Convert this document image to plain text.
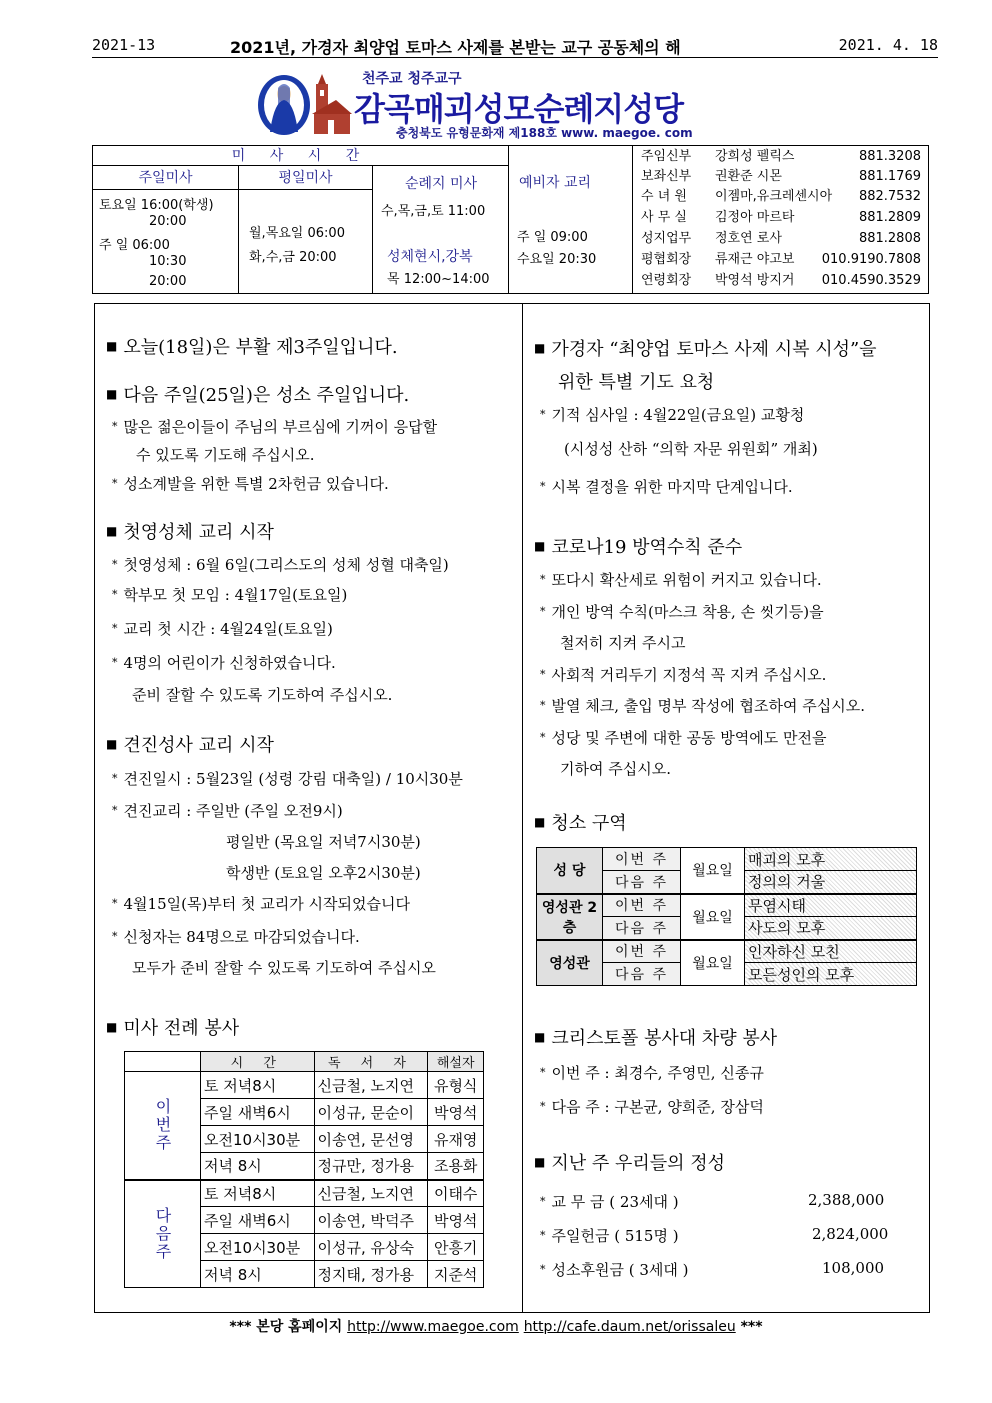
2021-13	2021년, 가경자 최양업 토마스 사제를 본받는 교구 공동체의 해	2021. 4. 18
천주교 청주교구
감곡매괴성모순례지성당
충청북도 유형문화재 제188호 www. maegoe. com
미 사 시 간
주일미사
토요일 16:00(학생)
20:00
주 일 06:00
10:30
20:00
평일미사
월,목요일 06:00
화,수,금 20:00
순례지 미사
수,목,금,토 11:00
성체현시,강복
목 12:00~14:00
예비자 교리
주 일 09:00
수요일 20:30
주임신부 강희성 펠릭스	881.3208
보좌신부 권환준 시몬	881.1769
수 녀 원 이젬마,유크레센시아 882.7532
사 무 실 김정아 마르타	881.2809
성지업무 정호연 로사	881.2808
평협회장 류재근 야고보 010.9190.7808
연령회장 박영석 방지거 010.4590.3529
■ 오늘(18일)은 부활 제3주일입니다.
■ 다음 주일(25일)은 성소 주일입니다.
* 많은 젊은이들이 주님의 부르심에 기꺼이 응답할
수 있도록 기도해 주십시오.
* 성소계발을 위한 특별 2차헌금 있습니다.
■ 첫영성체 교리 시작
* 첫영성체 : 6월 6일(그리스도의 성체 성혈 대축일)
* 학부모 첫 모임 : 4월17일(토요일)
* 교리 첫 시간 : 4월24일(토요일)
* 4명의 어린이가 신청하였습니다.
준비 잘할 수 있도록 기도하여 주십시오.
■ 견진성사 교리 시작
* 견진일시 : 5월23일 (성령 강림 대축일) / 10시30분
* 견진교리 : 주일반 (주일 오전9시)
평일반 (목요일 저녁7시30분)
학생반 (토요일 오후2시30분)
* 4월15일(목)부터 첫 교리가 시작되었습니다
* 신청자는 84명으로 마감되었습니다.
모두가 준비 잘할 수 있도록 기도하여 주십시오
■ 미사 전례 봉사
	시 간	독 서 자	해설자
이번주	토 저녁8시	신금철, 노지연	유형식
	주일 새벽6시	이성규, 문순이	박영석
	오전10시30분	이송연, 문선영	유재영
	저녁 8시	정규만, 정가용	조용화
다음주	토 저녁8시	신금철, 노지연	이태수
	주일 새벽6시	이송연, 박덕주	박영석
	오전10시30분	이성규, 유상숙	안흥기
	저녁 8시	정지태, 정가용	지준석
■ 가경자 “최양업 토마스 사제 시복 시성”을
위한 특별 기도 요청
* 기적 심사일 : 4월22일(금요일) 교황청
(시성성 산하 “의학 자문 위원회” 개최)
* 시복 결정을 위한 마지막 단계입니다.
■ 코로나19 방역수칙 준수
* 또다시 확산세로 위험이 커지고 있습니다.
* 개인 방역 수칙(마스크 착용, 손 씻기등)을
철저히 지켜 주시고
* 사회적 거리두기 지정석 꼭 지켜 주십시오.
* 발열 체크, 출입 명부 작성에 협조하여 주십시오.
* 성당 및 주변에 대한 공동 방역에도 만전을
기하여 주십시오.
■ 청소 구역
성 당	이번 주	월요일	매괴의 모후
	다음 주		정의의 거울
영성관 2층	이번 주	월요일	무염시태
	다음 주		사도의 모후
영성관	이번 주	월요일	인자하신 모친
	다음 주		모든성인의 모후
■ 크리스토폴 봉사대 차량 봉사
* 이번 주 : 최경수, 주영민, 신종규
* 다음 주 : 구본균, 양희준, 장삼덕
■ 지난 주 우리들의 정성
* 교 무 금 ( 23세대 )	2,388,000
* 주일헌금 ( 515명 )	2,824,000
* 성소후원금 ( 3세대 )	108,000
*** 본당 홈페이지 http://www.maegoe.com http://cafe.daum.net/orissaleu ***
